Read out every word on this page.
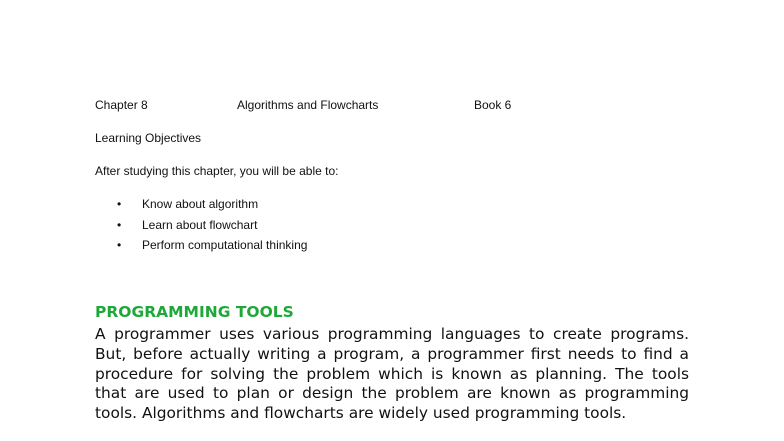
Chapter 8	Algorithms and Flowcharts	Book 6
Learning Objectives
After studying this chapter, you will be able to:
• Know about algorithm
• Learn about flowchart
• Perform computational thinking
PROGRAMMING TOOLS

A programmer uses various programming languages to create programs. But, before actually writing a program, a programmer first needs to find a procedure for solving the problem which is known as planning. The tools that are used to plan or design the problem are known as programming tools. Algorithms and flowcharts are widely used programming tools.
